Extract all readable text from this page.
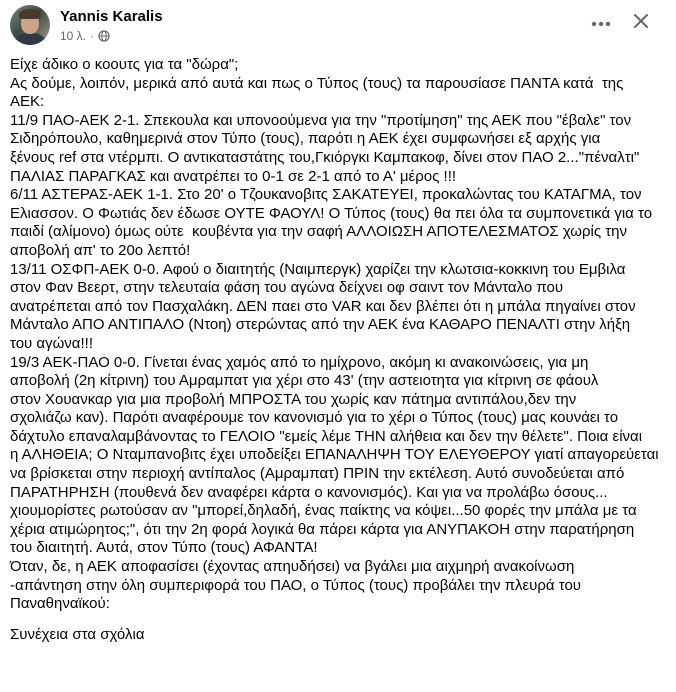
Yannis Karalis
10 λ. ·

Είχε άδικο ο κοουτς για τα "δώρα";

Ας δούμε, λοιπόν, μερικά από αυτά και πως ο Τύπος (τους) τα παρουσίασε ΠΑΝΤΑ κατά  της

ΑΕΚ:

11/9 ΠΑΟ-ΑΕΚ 2-1. Σπεκουλα και υπονοούμενα για την "προτίμηση" της ΑΕΚ που "έβαλε" τον

Σιδηρόπουλο, καθημερινά στον Τύπο (τους), παρότι η ΑΕΚ έχει συμφωνήσει εξ αρχής για

ξένους ref στα ντέρμπι. Ο αντικαταστάτης του,Γκιόργκι Καμπακοφ, δίνει στον ΠΑΟ 2..."πέναλτι"

ΠΑΛΙΑΣ ΠΑΡΑΓΚΑΣ και ανατρέπει το 0-1 σε 2-1 από το Α' μέρος !!!

6/11 ΑΣΤΕΡΑΣ-ΑΕΚ 1-1. Στο 20' ο Τζουκανοβιτς ΣΑΚΑΤΕΥΕΙ, προκαλώντας του ΚΑΤΑΓΜΑ, τον

Ελιασσον. Ο Φωτιάς δεν έδωσε ΟΥΤΕ ΦΑΟΥΛ! Ο Τύπος (τους) θα πει όλα τα συμπονετικά για το

παιδί (αλίμονο) όμως ούτε  κουβέντα για την σαφή ΑΛΛΟΙΩΣΗ ΑΠΟΤΕΛΕΣΜΑΤΟΣ χωρίς την

αποβολή απ' το 20ο λεπτό!

13/11 ΟΣΦΠ-ΑΕΚ 0-0. Αφού ο διαιτητής (Ναιμπεργκ) χαρίζει την κλωτσια-κοκκινη του Εμβιλα

στον Φαν Βεερτ, στην τελευταία φάση του αγώνα δείχνει οφ σαιντ τον Μάνταλο που

ανατρέπεται από τον Πασχαλάκη. ΔΕΝ παει στο VAR και δεν βλέπει ότι η μπάλα πηγαίνει στον

Μάνταλο ΑΠΟ ΑΝΤΙΠΑΛΟ (Ντοη) στερώντας από την ΑΕΚ ένα ΚΑΘΑΡΟ ΠΕΝΑΛΤΙ στην λήξη

του αγώνα!!!

19/3 ΑΕΚ-ΠΑΟ 0-0. Γίνεται ένας χαμός από το ημίχρονο, ακόμη κι ανακοινώσεις, για μη

αποβολή (2η κίτρινη) του Αμραμπατ για χέρι στο 43' (την αστειοτητα για κίτρινη σε φάουλ

στον Χουανκαρ για μια προβολή ΜΠΡΟΣΤΑ του χωρίς καν πάτημα αντιπάλου,δεν την

σχολιάζω καν). Παρότι αναφέρουμε τον κανονισμό για το χέρι ο Τύπος (τους) μας κουνάει το

δάχτυλο επαναλαμβάνοντας το ΓΕΛΟΙΟ "εμείς λέμε ΤΗΝ αλήθεια και δεν την θέλετε". Ποια είναι

η ΑΛΗΘΕΙΑ; Ο Νταμπανοβιτς έχει υποδείξει ΕΠΑΝΑΛΗΨΗ ΤΟΥ ΕΛΕΥΘΕΡΟΥ γιατί απαγορεύεται

να βρίσκεται στην περιοχή αντίπαλος (Αμραμπατ) ΠΡΙΝ την εκτέλεση. Αυτό συνοδεύεται από

ΠΑΡΑΤΗΡΗΣΗ (πουθενά δεν αναφέρει κάρτα ο κανονισμός). Και για να προλάβω όσους...

χιουμορίστες ρωτούσαν αν "μπορεί,δηλαδή, ένας παίκτης να κόψει...50 φορές την μπάλα με τα

χέρια ατιμώρητος;", ότι την 2η φορά λογικά θα πάρει κάρτα για ΑΝΥΠΑΚΟΗ στην παρατήρηση

του διαιτητή. Αυτά, στον Τύπο (τους) ΑΦΑΝΤΑ!

Όταν, δε, η ΑΕΚ αποφασίσει (έχοντας απηυδήσει) να βγάλει μια αιχμηρή ανακοίνωση

-απάντηση στην όλη συμπεριφορά του ΠΑΟ, ο Τύπος (τους) προβάλει την πλευρά του

Παναθηναϊκού:

Συνέχεια στα σχόλια
